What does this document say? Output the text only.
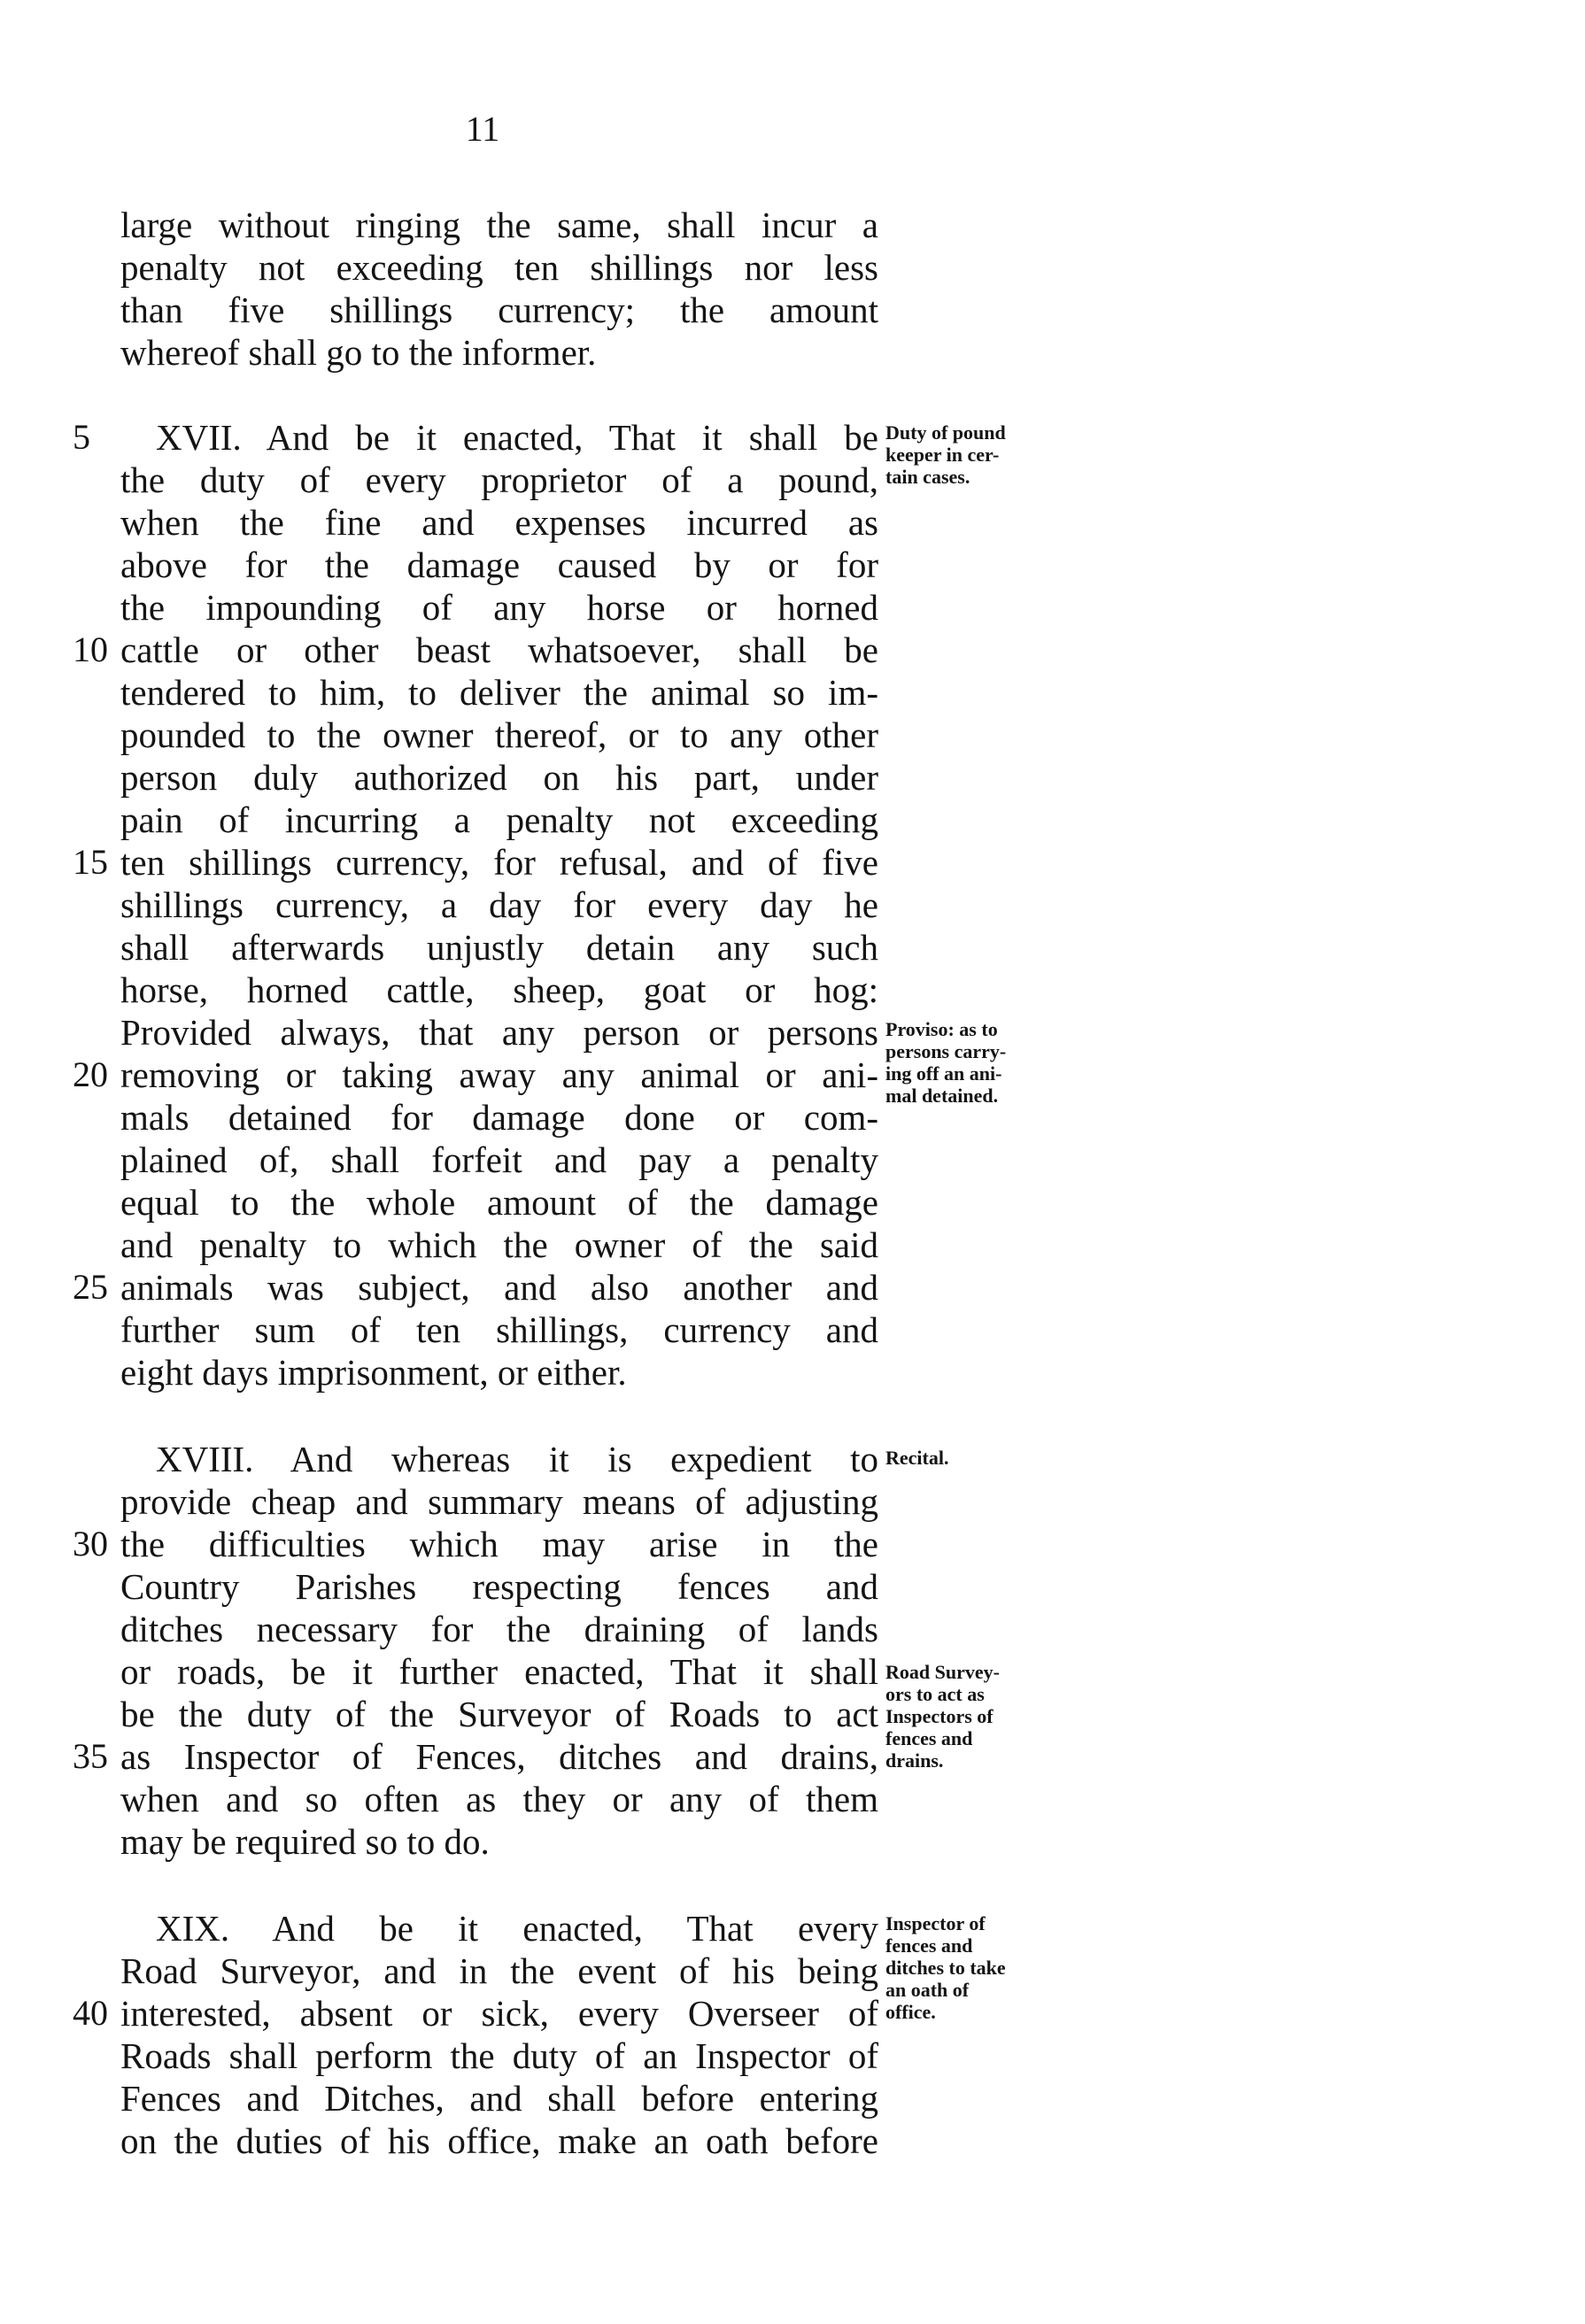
11
large without ringing the same, shall incur a
penalty not exceeding ten shillings nor less
than five shillings currency; the amount
whereof shall go to the informer.
XVII. And be it enacted, That it shall be
the duty of every proprietor of a pound,
when the fine and expenses incurred as
above for the damage caused by or for
the impounding of any horse or horned
cattle or other beast whatsoever, shall be
tendered to him, to deliver the animal so im-
pounded to the owner thereof, or to any other
person duly authorized on his part, under
pain of incurring a penalty not exceeding
ten shillings currency, for refusal, and of five
shillings currency, a day for every day he
shall afterwards unjustly detain any such
horse, horned cattle, sheep, goat or hog:
Provided always, that any person or persons
removing or taking away any animal or ani-
mals detained for damage done or com-
plained of, shall forfeit and pay a penalty
equal to the whole amount of the damage
and penalty to which the owner of the said
animals was subject, and also another and
further sum of ten shillings, currency and
eight days imprisonment, or either.
XVIII. And whereas it is expedient to
provide cheap and summary means of adjusting
the difficulties which may arise in the
Country Parishes respecting fences and
ditches necessary for the draining of lands
or roads, be it further enacted, That it shall
be the duty of the Surveyor of Roads to act
as Inspector of Fences, ditches and drains,
when and so often as they or any of them
may be required so to do.
XIX. And be it enacted, That every
Road Surveyor, and in the event of his being
interested, absent or sick, every Overseer of
Roads shall perform the duty of an Inspector of
Fences and Ditches, and shall before entering
on the duties of his office, make an oath before
5
10
15
20
25
30
35
40
Duty of pound
keeper in cer-
tain cases.
Proviso: as to
persons carry-
ing off an ani-
mal detained.
Recital.
Road Survey-
ors to act as
Inspectors of
fences and
drains.
Inspector of
fences and
ditches to take
an oath of
office.
